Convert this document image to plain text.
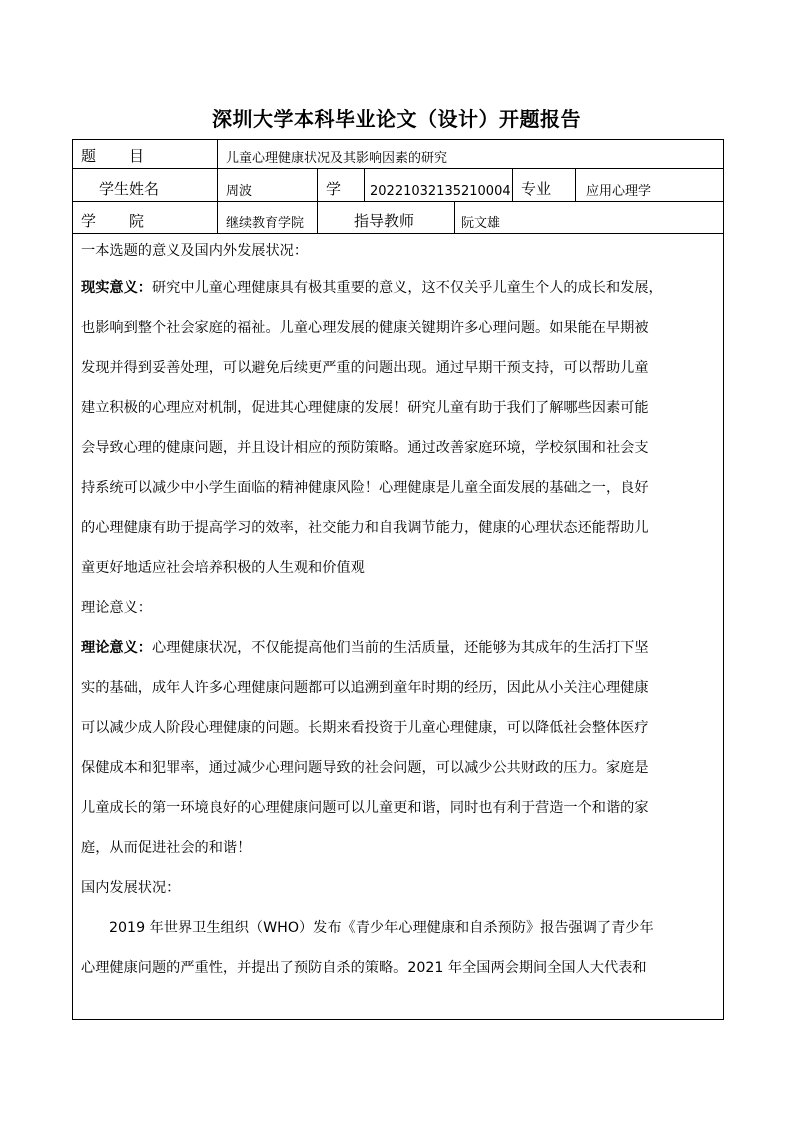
深圳大学本科毕业论文（设计）开题报告
题 目	儿童心理健康状况及其影响因素的研究
学生姓名	周波	学 20221032135210004 专业	应用心理学
学 院	继续教育学院	指导教师	阮文雄
一本选题的意义及国内外发展状况：
现实意义：研究中儿童心理健康具有极其重要的意义，这不仅关乎儿童生个人的成长和发展，
也影响到整个社会家庭的福祉。儿童心理发展的健康关键期许多心理问题。如果能在早期被
发现并得到妥善处理，可以避免后续更严重的问题出现。通过早期干预支持，可以帮助儿童
建立积极的心理应对机制，促进其心理健康的发展！研究儿童有助于我们了解哪些因素可能
会导致心理的健康问题，并且设计相应的预防策略。通过改善家庭环境，学校氛围和社会支
持系统可以减少中小学生面临的精神健康风险！心理健康是儿童全面发展的基础之一，良好
的心理健康有助于提高学习的效率，社交能力和自我调节能力，健康的心理状态还能帮助儿
童更好地适应社会培养积极的人生观和价值观
理论意义：
理论意义：心理健康状况，不仅能提高他们当前的生活质量，还能够为其成年的生活打下坚
实的基础，成年人许多心理健康问题都可以追溯到童年时期的经历，因此从小关注心理健康
可以减少成人阶段心理健康的问题。长期来看投资于儿童心理健康，可以降低社会整体医疗
保健成本和犯罪率，通过减少心理问题导致的社会问题，可以减少公共财政的压力。家庭是
儿童成长的第一环境良好的心理健康问题可以儿童更和谐，同时也有利于营造一个和谐的家
庭，从而促进社会的和谐！
国内发展状况：
2019 年世界卫生组织（WHO）发布《青少年心理健康和自杀预防》报告强调了青少年
心理健康问题的严重性，并提出了预防自杀的策略。2021 年全国两会期间全国人大代表和
